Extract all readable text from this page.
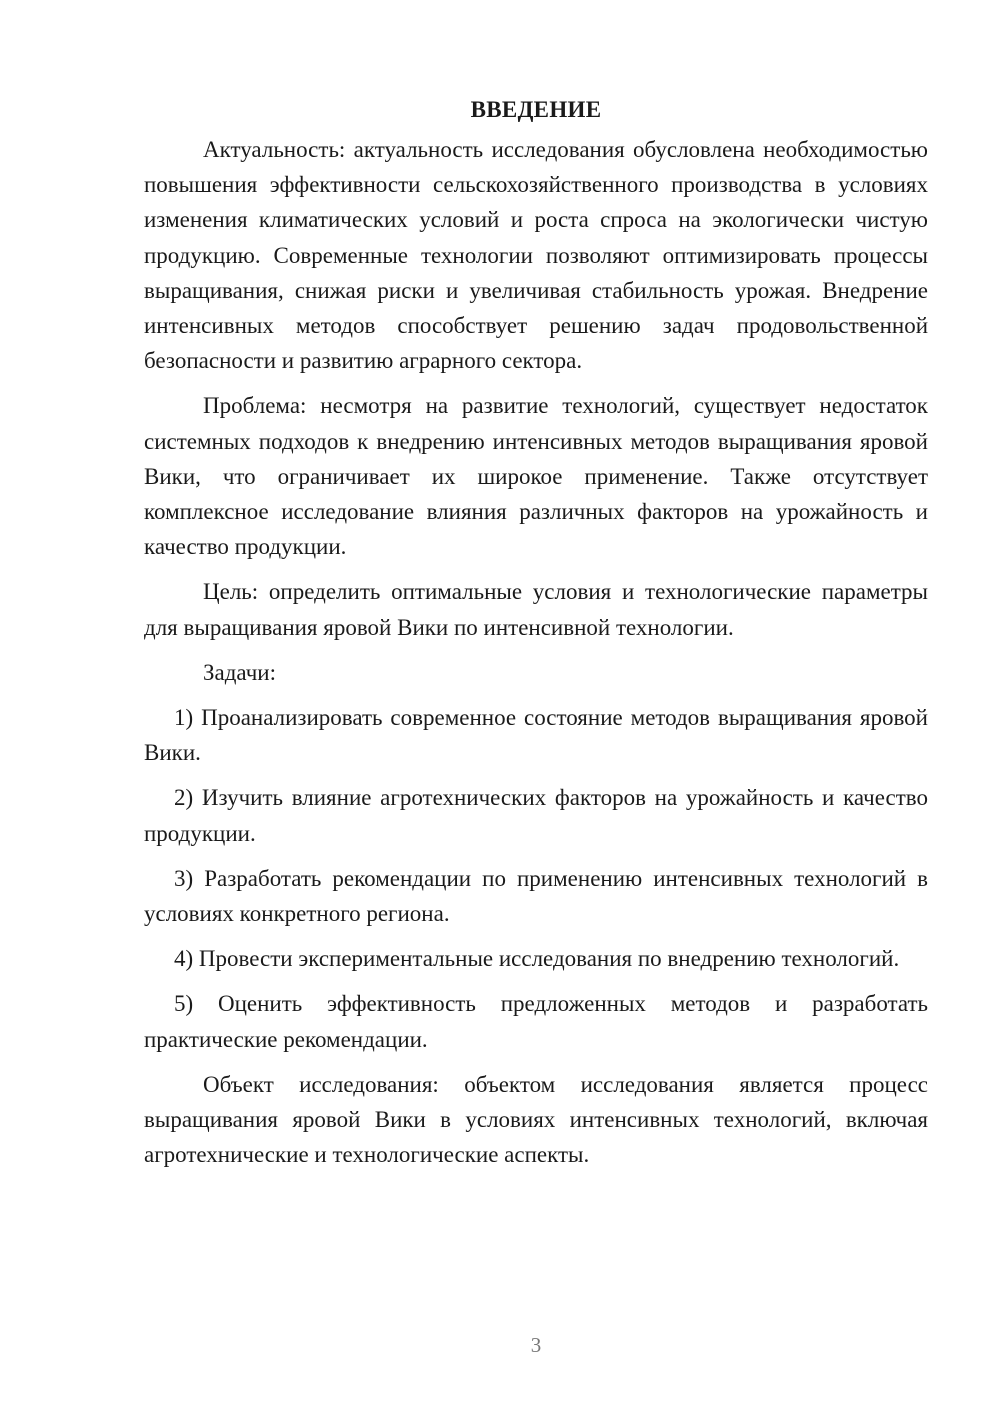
ВВЕДЕНИЕ

Актуальность: актуальность исследования обусловлена необходимостью повышения эффективности сельскохозяйственного производства в условиях изменения климатических условий и роста спроса на экологически чистую продукцию. Современные технологии позволяют оптимизировать процессы выращивания, снижая риски и увеличивая стабильность урожая. Внедрение интенсивных методов способствует решению задач продовольственной безопасности и развитию аграрного сектора.

Проблема: несмотря на развитие технологий, существует недостаток системных подходов к внедрению интенсивных методов выращивания яровой Вики, что ограничивает их широкое применение. Также отсутствует комплексное исследование влияния различных факторов на урожайность и качество продукции.

Цель: определить оптимальные условия и технологические параметры для выращивания яровой Вики по интенсивной технологии.

Задачи:

1) Проанализировать современное состояние методов выращивания яровой Вики.

2) Изучить влияние агротехнических факторов на урожайность и качество продукции.

3) Разработать рекомендации по применению интенсивных технологий в условиях конкретного региона.

4) Провести экспериментальные исследования по внедрению технологий.

5) Оценить эффективность предложенных методов и разработать практические рекомендации.

Объект исследования: объектом исследования является процесс выращивания яровой Вики в условиях интенсивных технологий, включая агротехнические и технологические аспекты.

3
